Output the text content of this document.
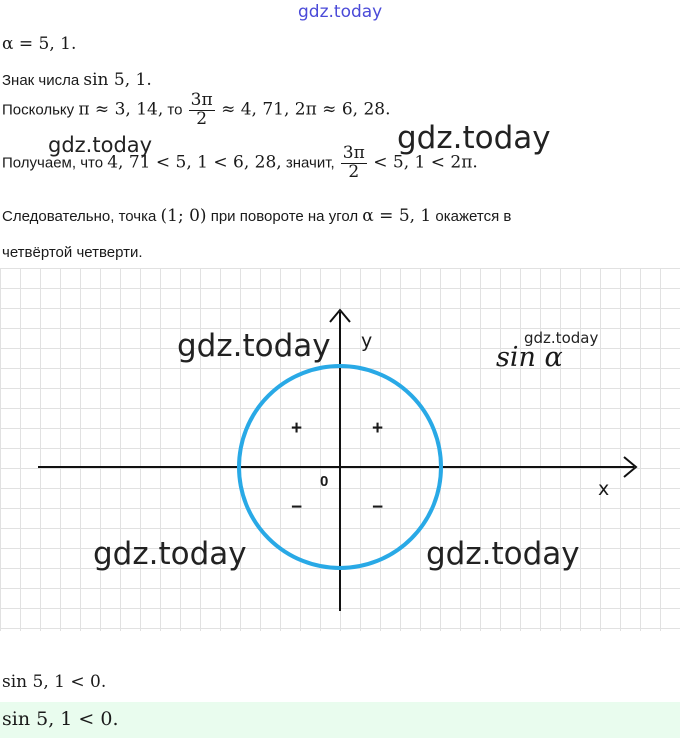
gdz.today
α = 5, 1.
Знак числа sin 5, 1.
Поскольку π ≈ 3, 14, то $\frac{3\pi}{2} \approx 4$, 71, 2π ≈ 6, 28.
gdz.today	gdz.today
Получаем, что 4, 71 < 5, 1 < 6, 28, значит, $\frac{3\pi}{2} < 5$, 1 < 2π.
Следовательно, точка (1; 0) при повороте на угол α = 5, 1 окажется в
четвёртой четверти.
gdz.today y	gdz.today
sin α
+	+
−	−
0	x
gdz.today	gdz.today
sin 5, 1 < 0.
sin 5, 1 < 0.
